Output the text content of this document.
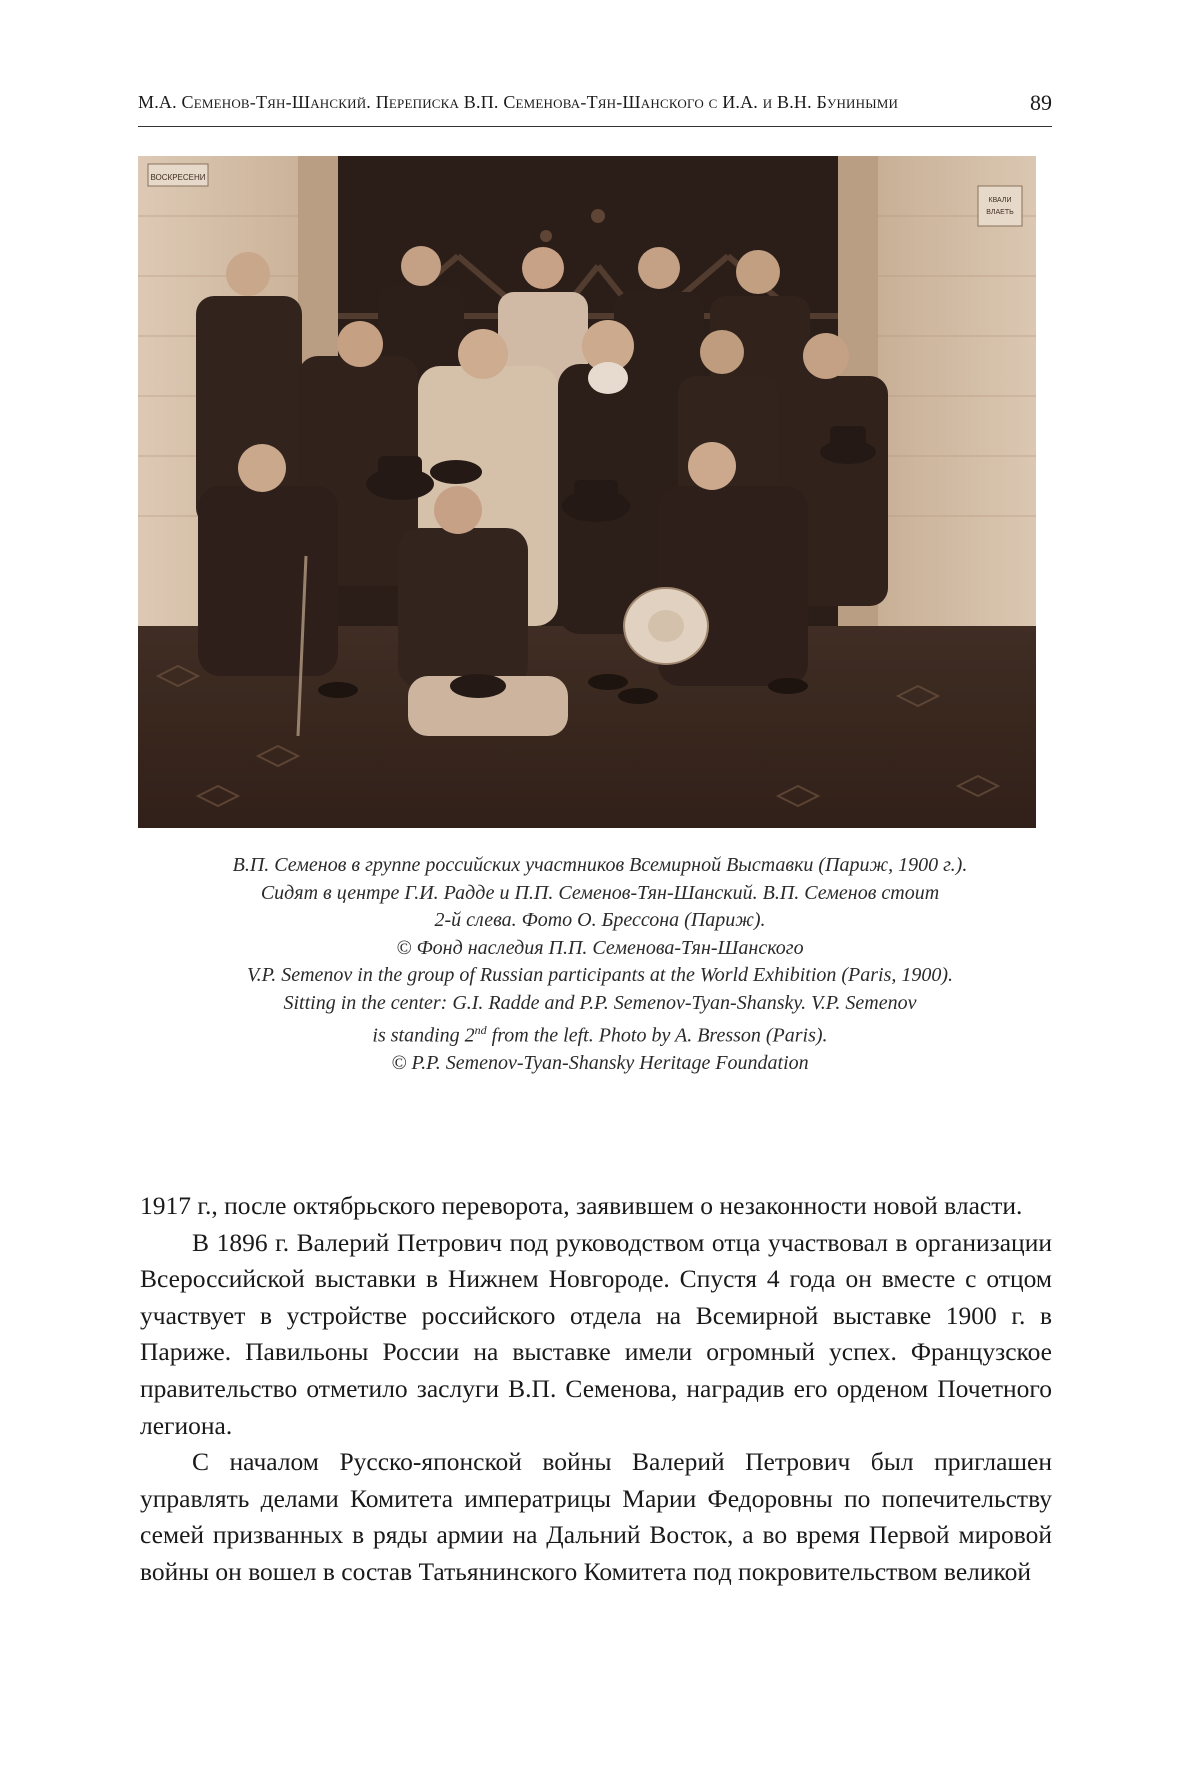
М.А. Семенов-Тян-Шанский. Переписка В.П. Семенова-Тян-Шанского с И.А. и В.Н. Буниными	89
ВОСКРЕСЕНИ
КВАЛИ
ВЛАЕТЬ
В.П. Семенов в группе российских участников Всемирной Выставки (Париж, 1900 г.).
Сидят в центре Г.И. Радде и П.П. Семенов-Тян-Шанский. В.П. Семенов стоит
2-й слева. Фото О. Брессона (Париж).
© Фонд наследия П.П. Семенова-Тян-Шанского
V.P. Semenov in the group of Russian participants at the World Exhibition (Paris, 1900).
Sitting in the center: G.I. Radde and P.P. Semenov-Tyan-Shansky. V.P. Semenov
is standing 2nd from the left. Photo by A. Bresson (Paris).
© P.P. Semenov-Tyan-Shansky Heritage Foundation

1917 г., после октябрьского переворота, заявившем о незаконности новой власти.

В 1896 г. Валерий Петрович под руководством отца участвовал в организации Всероссийской выставки в Нижнем Новгороде. Спустя 4 года он вместе с отцом участвует в устройстве российского отдела на Всемирной выставке 1900 г. в Париже. Павильоны России на выставке имели огромный успех. Французское правительство отметило заслуги В.П. Семенова, наградив его орденом Почетного легиона.

С началом Русско-японской войны Валерий Петрович был приглашен управлять делами Комитета императрицы Марии Федоровны по попечительству семей призванных в ряды армии на Дальний Восток, а во время Первой мировой войны он вошел в состав Татьянинского Комитета под покровительством великой
